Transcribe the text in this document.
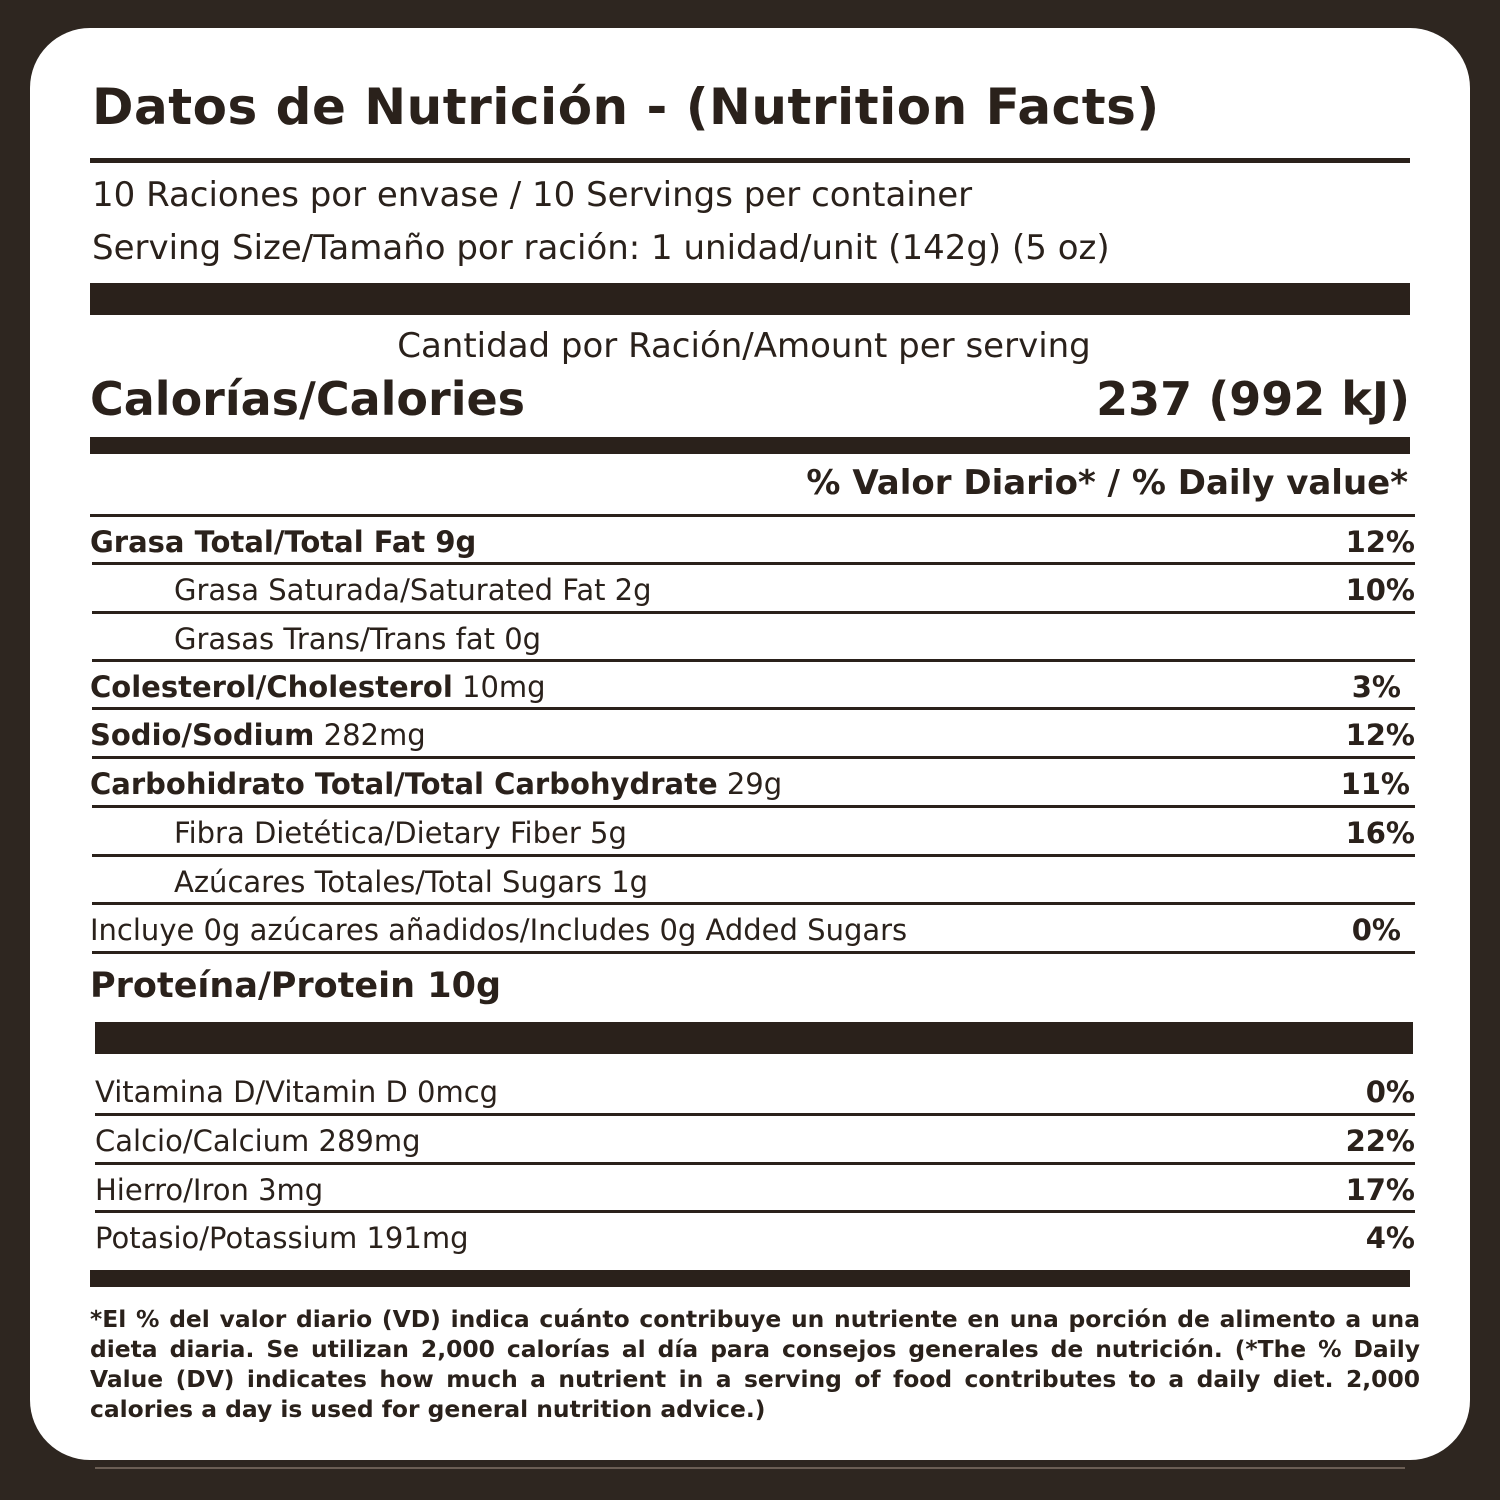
Datos de Nutrición - (Nutrition Facts)
10 Raciones por envase / 10 Servings per container
Serving Size/Tamaño por ración: 1 unidad/unit (142g) (5 oz)
Cantidad por Ración/Amount per serving
Calorías/Calories	237 (992 kJ)
% Valor Diario* / % Daily value*
Grasa Total/Total Fat 9g	12%
Grasa Saturada/Saturated Fat 2g	10%
Grasas Trans/Trans fat 0g
Colesterol/Cholesterol 10mg	3%
Sodio/Sodium 282mg	12%
Carbohidrato Total/Total Carbohydrate 29g	11%
Fibra Dietética/Dietary Fiber 5g	16%
Azúcares Totales/Total Sugars 1g
Incluye 0g azúcares añadidos/Includes 0g Added Sugars	0%
Proteína/Protein 10g
Vitamina D/Vitamin D 0mcg	0%
Calcio/Calcium 289mg	22%
Hierro/Iron 3mg	17%
Potasio/Potassium 191mg	4%
*El % del valor diario (VD) indica cuánto contribuye un nutriente en una porción de alimento a una dieta diaria. Se utilizan 2,000 calorías al día para consejos generales de nutrición. (*The % Daily Value (DV) indicates how much a nutrient in a serving of food contributes to a daily diet. 2,000 calories a day is used for general nutrition advice.)
